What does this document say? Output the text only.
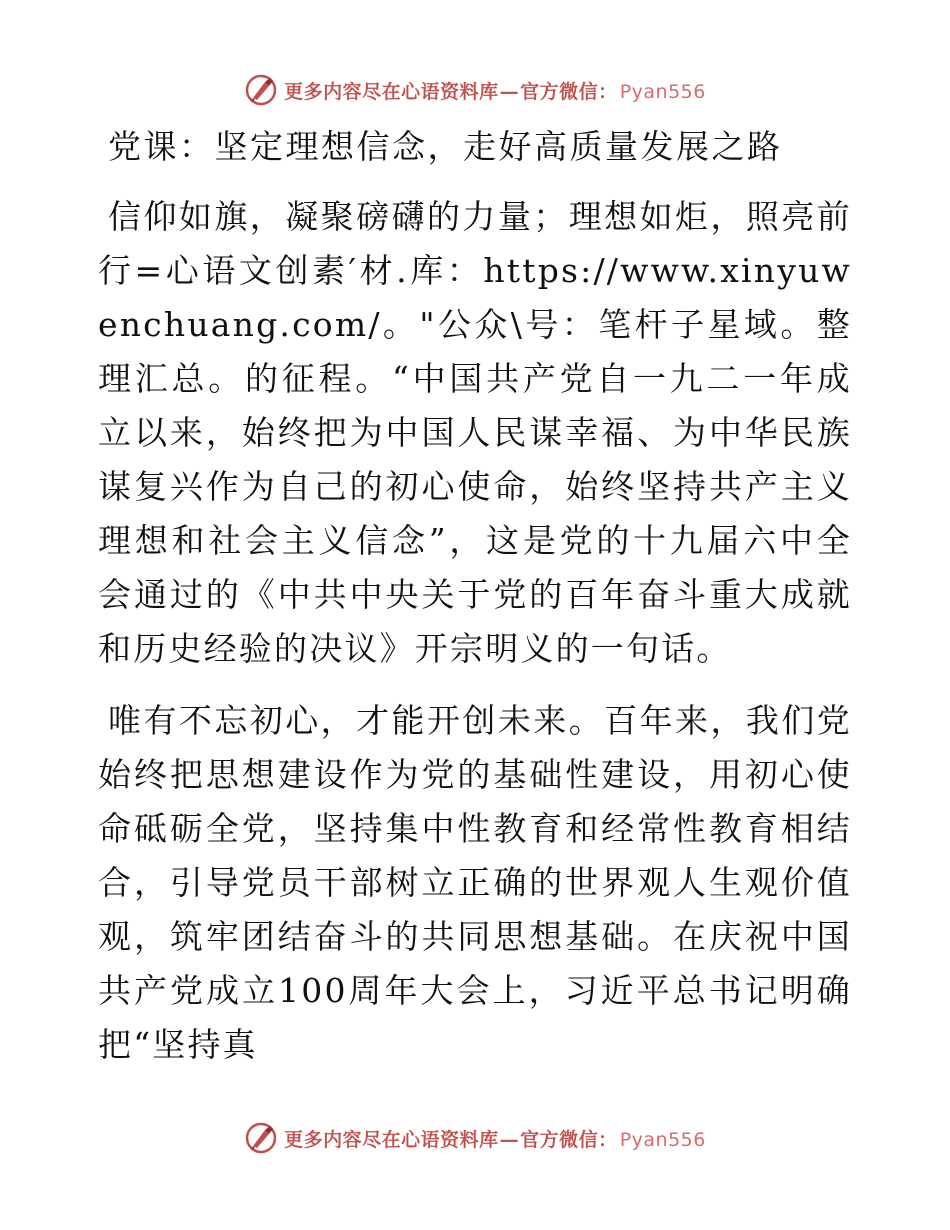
更多内容尽在心语资料库 — 官方微信： Pyan556
党课：坚定理想信念，走好高质量发展之路

信仰如旗，凝聚磅礴的力量；理想如炬，照亮前行=心语文创素′材.库：https://www.xinyuwenchuang.com/。"公众\号：笔杆子星域。整理汇总。的征程。“中国共产党自一九二一年成立以来，始终把为中国人民谋幸福、为中华民族谋复兴作为自己的初心使命，始终坚持共产主义理想和社会主义信念”，这是党的十九届六中全会通过的《中共中央关于党的百年奋斗重大成就和历史经验的决议》开宗明义的一句话。

唯有不忘初心，才能开创未来。百年来，我们党始终把思想建设作为党的基础性建设，用初心使命砥砺全党，坚持集中性教育和经常性教育相结合，引导党员干部树立正确的世界观人生观价值观，筑牢团结奋斗的共同思想基础。在庆祝中国共产党成立100周年大会上，习近平总书记明确把“坚持真

更多内容尽在心语资料库 — 官方微信： Pyan556
